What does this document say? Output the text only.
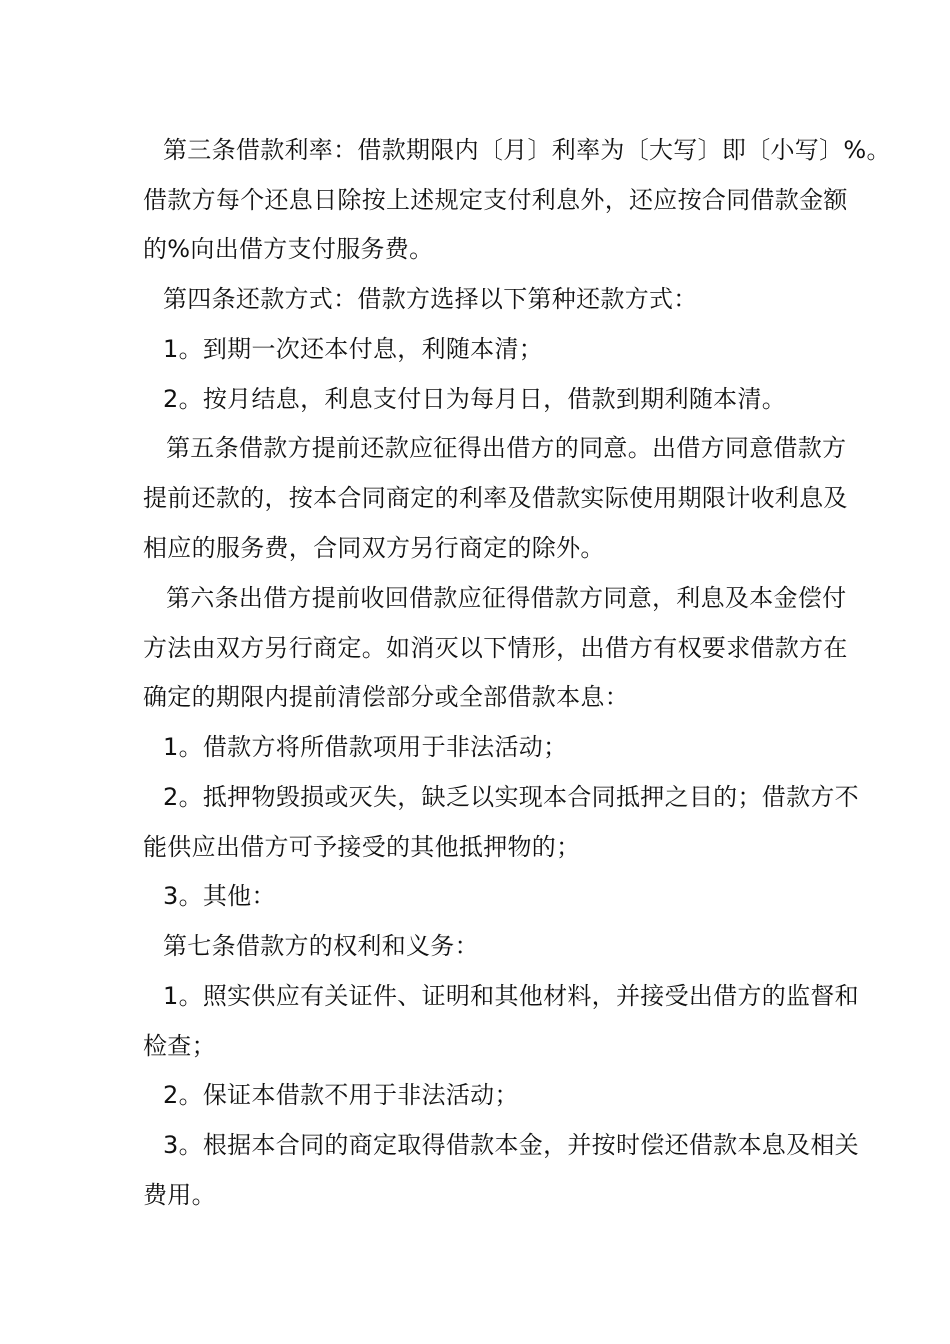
第三条借款利率：借款期限内〔月〕利率为〔大写〕即〔小写〕%。
借款方每个还息日除按上述规定支付利息外，还应按合同借款金额
的%向出借方支付服务费。
第四条还款方式：借款方选择以下第种还款方式：
1。到期一次还本付息，利随本清；
2。按月结息，利息支付日为每月日，借款到期利随本清。
第五条借款方提前还款应征得出借方的同意。出借方同意借款方
提前还款的，按本合同商定的利率及借款实际使用期限计收利息及
相应的服务费，合同双方另行商定的除外。
第六条出借方提前收回借款应征得借款方同意，利息及本金偿付
方法由双方另行商定。如消灭以下情形，出借方有权要求借款方在
确定的期限内提前清偿部分或全部借款本息：
1。借款方将所借款项用于非法活动；
2。抵押物毁损或灭失，缺乏以实现本合同抵押之目的；借款方不
能供应出借方可予接受的其他抵押物的；
3。其他：
第七条借款方的权利和义务：
1。照实供应有关证件、证明和其他材料，并接受出借方的监督和
检查；
2。保证本借款不用于非法活动；
3。根据本合同的商定取得借款本金，并按时偿还借款本息及相关
费用。
